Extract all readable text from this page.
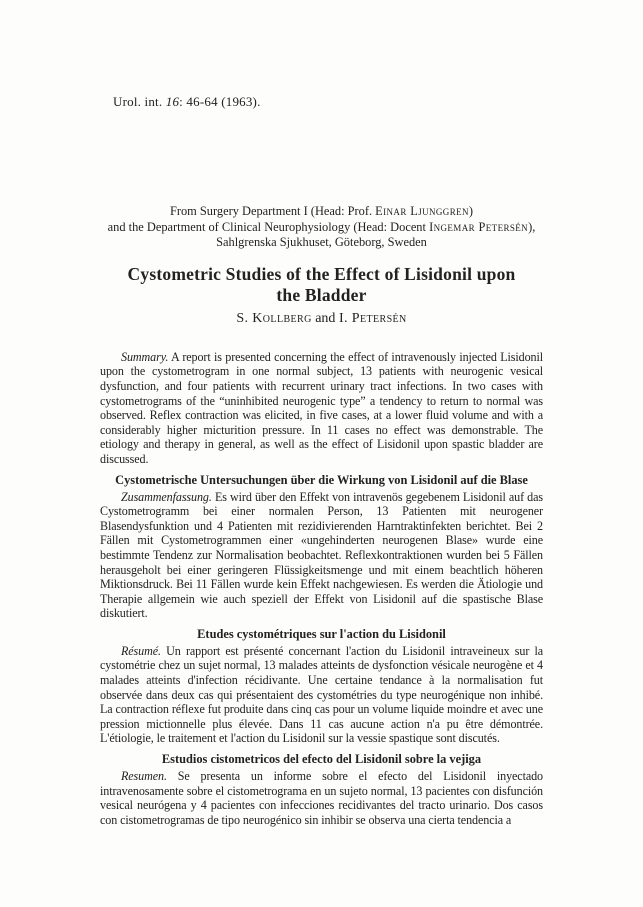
Urol. int. 16: 46-64 (1963).
From Surgery Department I (Head: Prof. Einar Ljunggren)
and the Department of Clinical Neurophysiology (Head: Docent Ingemar Petersén),
Sahlgrenska Sjukhuset, Göteborg, Sweden
Cystometric Studies of the Effect of Lisidonil upon
the Bladder
S. Kollberg and I. Petersén

Summary. A report is presented concerning the effect of intravenously injected Lisidonil upon the cystometrogram in one normal subject, 13 patients with neurogenic vesical dysfunction, and four patients with recurrent urinary tract infections. In two cases with cystometrograms of the “uninhibited neurogenic type” a tendency to return to normal was observed. Reflex contraction was elicited, in five cases, at a lower fluid volume and with a considerably higher micturition pressure. In 11 cases no effect was demonstrable. The etiology and therapy in general, as well as the effect of Lisidonil upon spastic bladder are discussed.

Cystometrische Untersuchungen über die Wirkung von Lisidonil auf die Blase

Zusammenfassung. Es wird über den Effekt von intravenös gegebenem Lisidonil auf das Cystometrogramm bei einer normalen Person, 13 Patienten mit neurogener Blasendysfunktion und 4 Patienten mit rezidivierenden Harntraktinfekten berichtet. Bei 2 Fällen mit Cystometrogrammen einer «ungehinderten neurogenen Blase» wurde eine bestimmte Tendenz zur Normalisation beobachtet. Reflexkontraktionen wurden bei 5 Fällen herausgeholt bei einer geringeren Flüssigkeitsmenge und mit einem beachtlich höheren Miktionsdruck. Bei 11 Fällen wurde kein Effekt nachgewiesen. Es werden die Ätiologie und Therapie allgemein wie auch speziell der Effekt von Lisidonil auf die spastische Blase diskutiert.

Etudes cystométriques sur l'action du Lisidonil

Résumé. Un rapport est présenté concernant l'action du Lisidonil intraveineux sur la cystométrie chez un sujet normal, 13 malades atteints de dysfonction vésicale neurogène et 4 malades atteints d'infection récidivante. Une certaine tendance à la normalisation fut observée dans deux cas qui présentaient des cystométries du type neurogénique non inhibé. La contraction réflexe fut produite dans cinq cas pour un volume liquide moindre et avec une pression mictionnelle plus élevée. Dans 11 cas aucune action n'a pu être démontrée. L'étiologie, le traitement et l'action du Lisidonil sur la vessie spastique sont discutés.

Estudios cistometricos del efecto del Lisidonil sobre la vejiga

Resumen. Se presenta un informe sobre el efecto del Lisidonil inyectado intravenosamente sobre el cistometrograma en un sujeto normal, 13 pacientes con disfunción vesical neurógena y 4 pacientes con infecciones recidivantes del tracto urinario. Dos casos con cistometrogramas de tipo neurogénico sin inhibir se observa una cierta tendencia a
